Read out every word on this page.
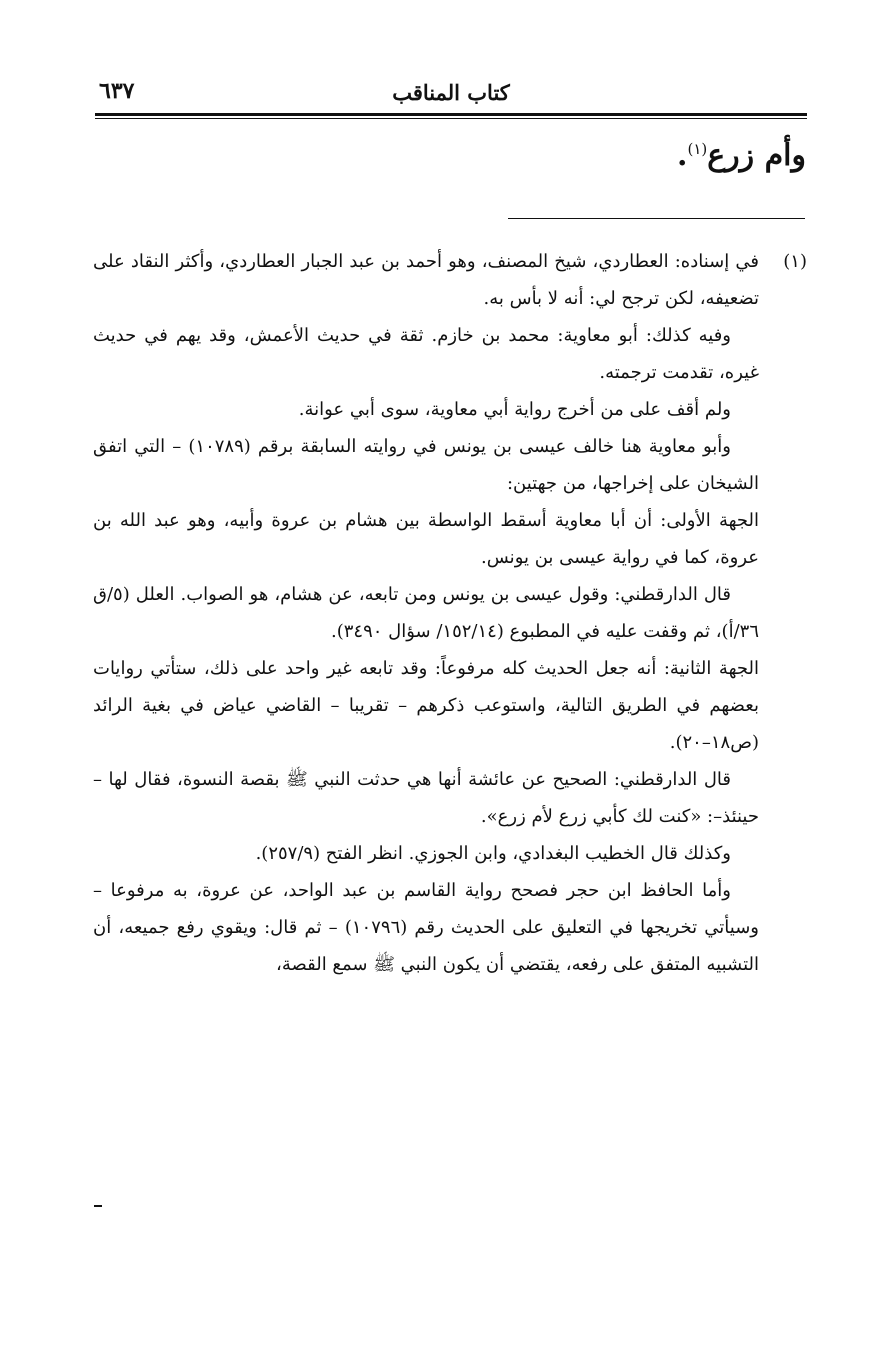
كتاب المناقب
٦٣٧
وأم زرع$^{(١)}$.

(١)في إسناده: العطاردي، شيخ المصنف، وهو أحمد بن عبد الجبار العطاردي، وأكثر النقاد على تضعيفه، لكن ترجح لي: أنه لا بأس به.

وفيه كذلك: أبو معاوية: محمد بن خازم. ثقة في حديث الأعمش، وقد يهم في حديث غيره، تقدمت ترجمته.

ولم أقف على من أخرج رواية أبي معاوية، سوى أبي عوانة.

وأبو معاوية هنا خالف عيسى بن يونس في روايته السابقة برقم (١٠٧٨٩) – التي اتفق الشيخان على إخراجها، من جهتين:

الجهة الأولى: أن أبا معاوية أسقط الواسطة بين هشام بن عروة وأبيه، وهو عبد الله بن عروة، كما في رواية عيسى بن يونس.

قال الدارقطني: وقول عيسى بن يونس ومن تابعه، عن هشام، هو الصواب. العلل (٥/ق ٣٦/أ)، ثم وقفت عليه في المطبوع (١٥٢/١٤/ سؤال ٣٤٩٠).

الجهة الثانية: أنه جعل الحديث كله مرفوعاً: وقد تابعه غير واحد على ذلك، ستأتي روايات بعضهم في الطريق التالية، واستوعب ذكرهم – تقريبا – القاضي عياض في بغية الرائد (ص١٨–٢٠).

قال الدارقطني: الصحيح عن عائشة أنها هي حدثت النبي ﷺ بقصة النسوة، فقال لها –حينئذ–: «كنت لك كأبي زرع لأم زرع».

وكذلك قال الخطيب البغدادي، وابن الجوزي. انظر الفتح (٢٥٧/٩).

وأما الحافظ ابن حجر فصحح رواية القاسم بن عبد الواحد، عن عروة، به مرفوعا – وسيأتي تخريجها في التعليق على الحديث رقم (١٠٧٩٦) – ثم قال: ويقوي رفع جميعه، أن التشبيه المتفق على رفعه، يقتضي أن يكون النبي ﷺ سمع القصة،
